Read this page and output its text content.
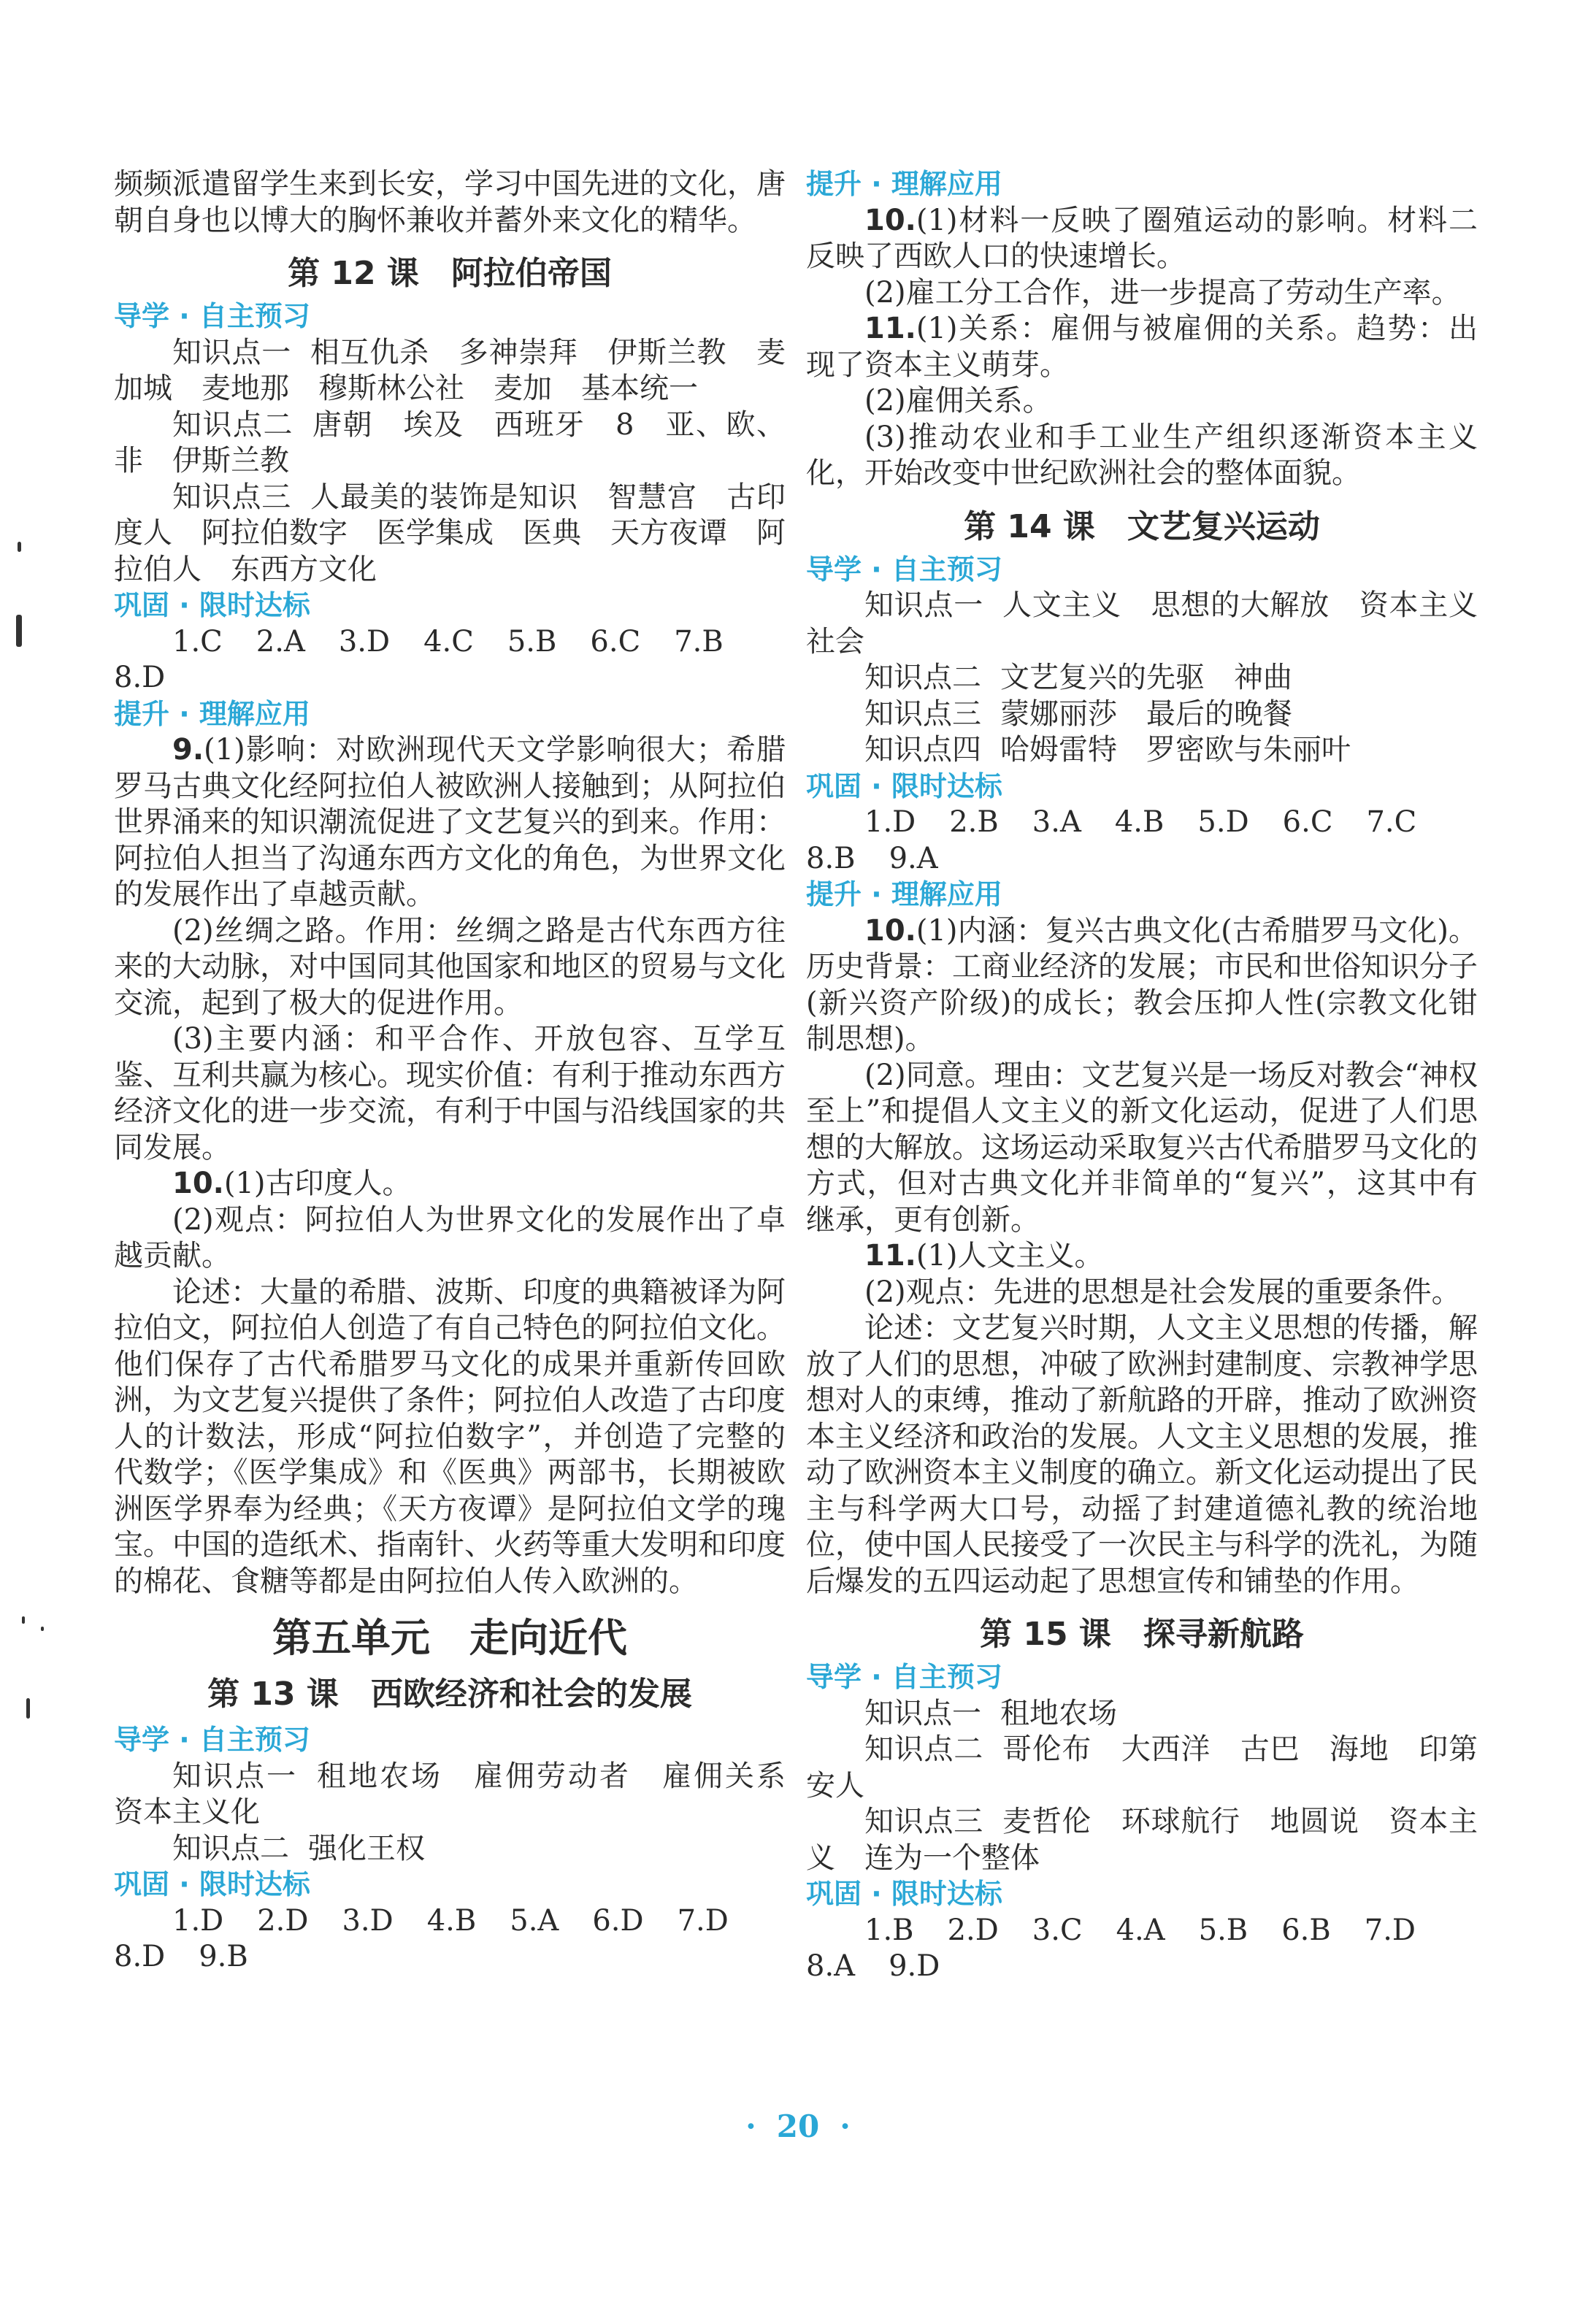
频频派遣留学生来到长安，学习中国先进的文化，唐朝自身也以博大的胸怀兼收并蓄外来文化的精华。

第 12 课　阿拉伯帝国

导学 · 自主预习

知识点一 相互仇杀　多神崇拜　伊斯兰教　麦加城　麦地那　穆斯林公社　麦加　基本统一

知识点二 唐朝　埃及　西班牙　8　亚、欧、非　伊斯兰教

知识点三 人最美的装饰是知识　智慧宫　古印度人　阿拉伯数字　医学集成　医典　天方夜谭　阿拉伯人　东西方文化

巩固 · 限时达标

1.C 2.A 3.D 4.C 5.B 6.C 7.B

8.D

提升 · 理解应用

9.(1)影响：对欧洲现代天文学影响很大；希腊罗马古典文化经阿拉伯人被欧洲人接触到；从阿拉伯世界涌来的知识潮流促进了文艺复兴的到来。作用：阿拉伯人担当了沟通东西方文化的角色，为世界文化的发展作出了卓越贡献。

(2)丝绸之路。作用：丝绸之路是古代东西方往来的大动脉，对中国同其他国家和地区的贸易与文化交流，起到了极大的促进作用。

(3)主要内涵：和平合作、开放包容、互学互鉴、互利共赢为核心。现实价值：有利于推动东西方经济文化的进一步交流，有利于中国与沿线国家的共同发展。

10.(1)古印度人。

(2)观点：阿拉伯人为世界文化的发展作出了卓越贡献。

论述：大量的希腊、波斯、印度的典籍被译为阿拉伯文，阿拉伯人创造了有自己特色的阿拉伯文化。他们保存了古代希腊罗马文化的成果并重新传回欧洲，为文艺复兴提供了条件；阿拉伯人改造了古印度人的计数法，形成“阿拉伯数字”，并创造了完整的代数学；《医学集成》和《医典》两部书，长期被欧洲医学界奉为经典；《天方夜谭》是阿拉伯文学的瑰宝。中国的造纸术、指南针、火药等重大发明和印度的棉花、食糖等都是由阿拉伯人传入欧洲的。

第五单元　走向近代

第 13 课　西欧经济和社会的发展

导学 · 自主预习

知识点一 租地农场　雇佣劳动者　雇佣关系　资本主义化

知识点二 强化王权

巩固 · 限时达标

1.D 2.D 3.D 4.B 5.A 6.D 7.D

8.D 9.B

提升 · 理解应用

10.(1)材料一反映了圈殖运动的影响。材料二反映了西欧人口的快速增长。

(2)雇工分工合作，进一步提高了劳动生产率。

11.(1)关系：雇佣与被雇佣的关系。趋势：出现了资本主义萌芽。

(2)雇佣关系。

(3)推动农业和手工业生产组织逐渐资本主义化，开始改变中世纪欧洲社会的整体面貌。

第 14 课　文艺复兴运动

导学 · 自主预习

知识点一 人文主义　思想的大解放　资本主义社会

知识点二 文艺复兴的先驱　神曲

知识点三 蒙娜丽莎　最后的晚餐

知识点四 哈姆雷特　罗密欧与朱丽叶

巩固 · 限时达标

1.D 2.B 3.A 4.B 5.D 6.C 7.C

8.B 9.A

提升 · 理解应用

10.(1)内涵：复兴古典文化(古希腊罗马文化)。历史背景：工商业经济的发展；市民和世俗知识分子(新兴资产阶级)的成长；教会压抑人性(宗教文化钳制思想)。

(2)同意。理由：文艺复兴是一场反对教会“神权至上”和提倡人文主义的新文化运动，促进了人们思想的大解放。这场运动采取复兴古代希腊罗马文化的方式，但对古典文化并非简单的“复兴”，这其中有继承，更有创新。

11.(1)人文主义。

(2)观点：先进的思想是社会发展的重要条件。

论述：文艺复兴时期，人文主义思想的传播，解放了人们的思想，冲破了欧洲封建制度、宗教神学思想对人的束缚，推动了新航路的开辟，推动了欧洲资本主义经济和政治的发展。人文主义思想的发展，推动了欧洲资本主义制度的确立。新文化运动提出了民主与科学两大口号，动摇了封建道德礼教的统治地位，使中国人民接受了一次民主与科学的洗礼，为随后爆发的五四运动起了思想宣传和铺垫的作用。

第 15 课　探寻新航路

导学 · 自主预习

知识点一 租地农场

知识点二 哥伦布　大西洋　古巴　海地　印第安人

知识点三 麦哲伦　环球航行　地圆说　资本主义　连为一个整体

巩固 · 限时达标

1.B 2.D 3.C 4.A 5.B 6.B 7.D

8.A 9.D

· 20 ·
